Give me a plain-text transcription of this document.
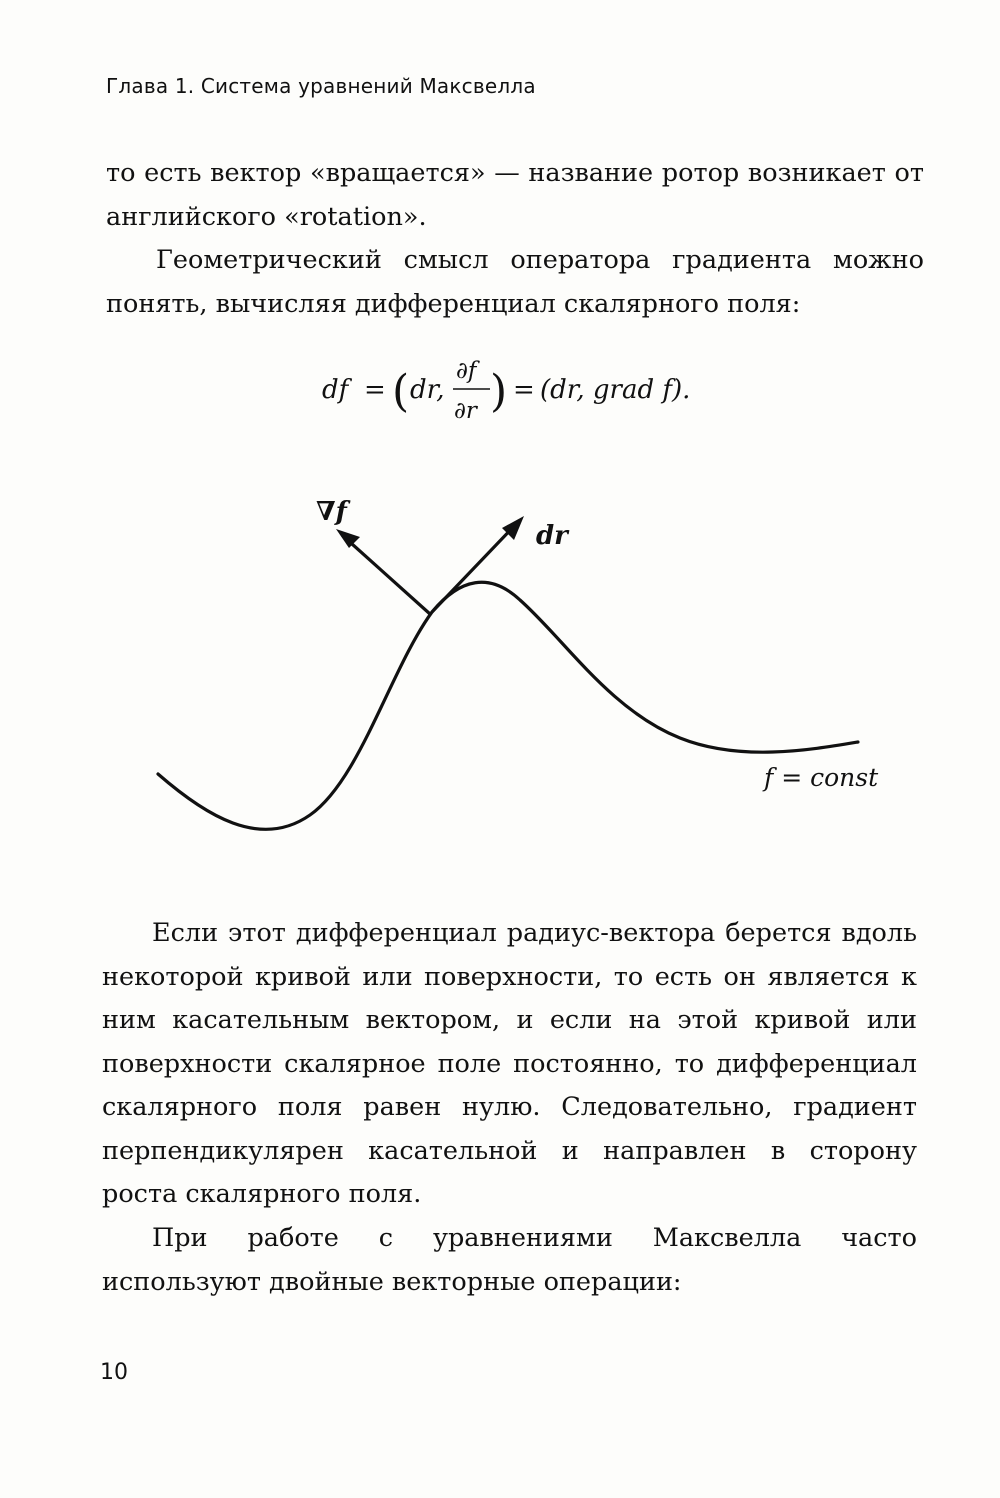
Глава 1. Система уравнений Максвелла

то есть вектор «вращается» — название ротор возникает от английского «rotation».

Геометрический смысл оператора градиента можно понять, вычисляя дифференциал скалярного поля:

df = ( dr,
∂f
∂r ) = (dr, grad f).
∇f
dr
f = const

Если этот дифференциал радиус-вектора берется вдоль некоторой кривой или поверхности, то есть он является к ним касательным вектором, и если на этой кривой или поверхности скалярное поле постоянно, то дифференциал скалярного поля равен нулю. Следовательно, градиент перпендикулярен касательной и направлен в сторону роста скалярного поля.

При работе с уравнениями Максвелла часто используют двойные векторные операции:

10
